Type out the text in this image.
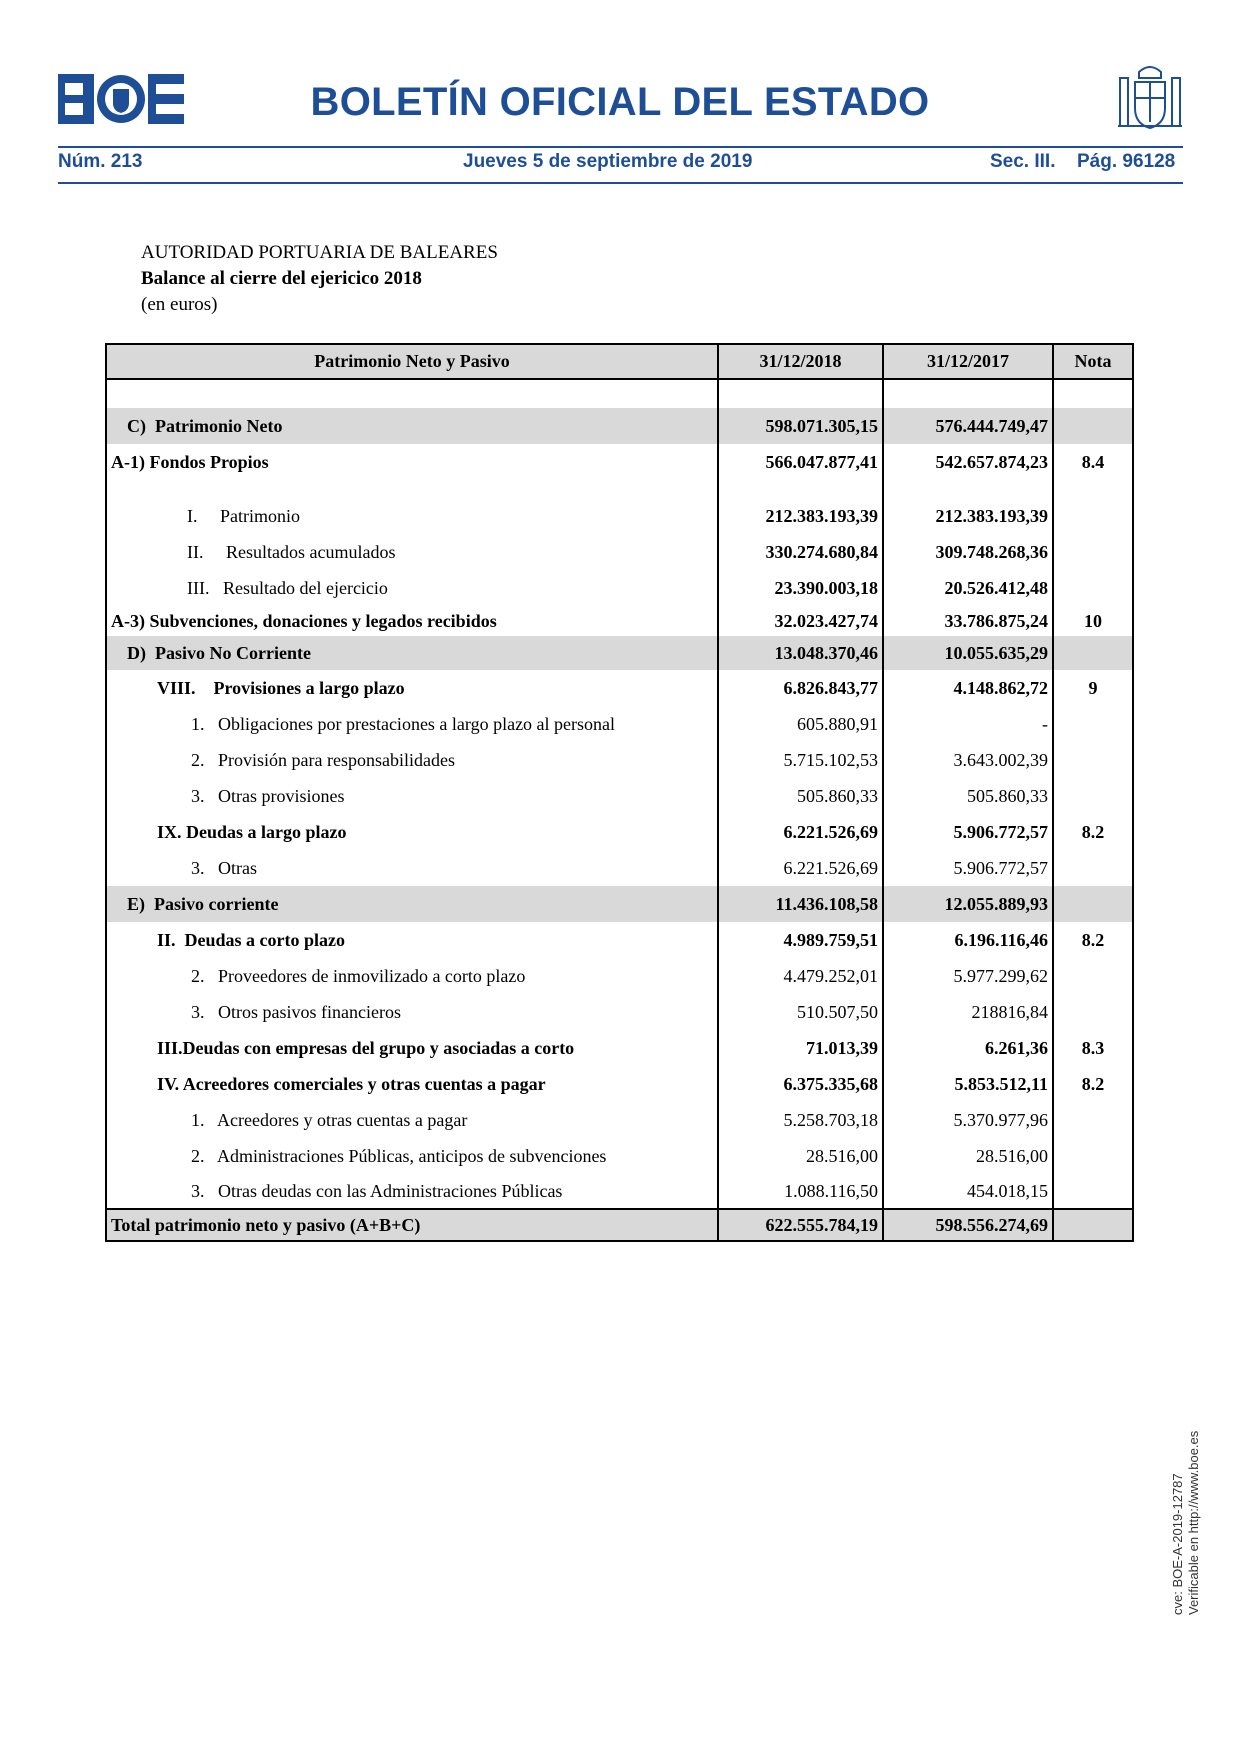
BOLETÍN OFICIAL DEL ESTADO
Núm. 213	Jueves 5 de septiembre de 2019	Sec. III. Pág. 96128
AUTORIDAD PORTUARIA DE BALEARES
Balance al cierre del ejericico 2018
(en euros)
Patrimonio Neto y Pasivo	31/12/2018	31/12/2017	Nota

C)  Patrimonio Neto	598.071.305,15	576.444.749,47	
A-1) Fondos Propios	566.047.877,41	542.657.874,23	8.4

I.     Patrimonio	212.383.193,39	212.383.193,39	
II.     Resultados acumulados	330.274.680,84	309.748.268,36	
III.   Resultado del ejercicio	23.390.003,18	20.526.412,48	
A-3) Subvenciones, donaciones y legados recibidos	32.023.427,74	33.786.875,24	10
D)  Pasivo No Corriente	13.048.370,46	10.055.635,29	
VIII.    Provisiones a largo plazo	6.826.843,77	4.148.862,72	9
1.   Obligaciones por prestaciones a largo plazo al personal	605.880,91	-	
2.   Provisión para responsabilidades	5.715.102,53	3.643.002,39	
3.   Otras provisiones	505.860,33	505.860,33	
IX. Deudas a largo plazo	6.221.526,69	5.906.772,57	8.2
3.   Otras	6.221.526,69	5.906.772,57	
E)  Pasivo corriente	11.436.108,58	12.055.889,93	
II.  Deudas a corto plazo	4.989.759,51	6.196.116,46	8.2
2.   Proveedores de inmovilizado a corto plazo	4.479.252,01	5.977.299,62	
3.   Otros pasivos financieros	510.507,50	218816,84	
III.Deudas con empresas del grupo y asociadas a corto	71.013,39	6.261,36	8.3
IV. Acreedores comerciales y otras cuentas a pagar	6.375.335,68	5.853.512,11	8.2
1.   Acreedores y otras cuentas a pagar	5.258.703,18	5.370.977,96	
2.   Administraciones Públicas, anticipos de subvenciones	28.516,00	28.516,00	
3.   Otras deudas con las Administraciones Públicas	1.088.116,50	454.018,15	
Total patrimonio neto y pasivo (A+B+C)	622.555.784,19	598.556.274,69	
cve: BOE-A-2019-12787 Verificable en http://www.boe.es
